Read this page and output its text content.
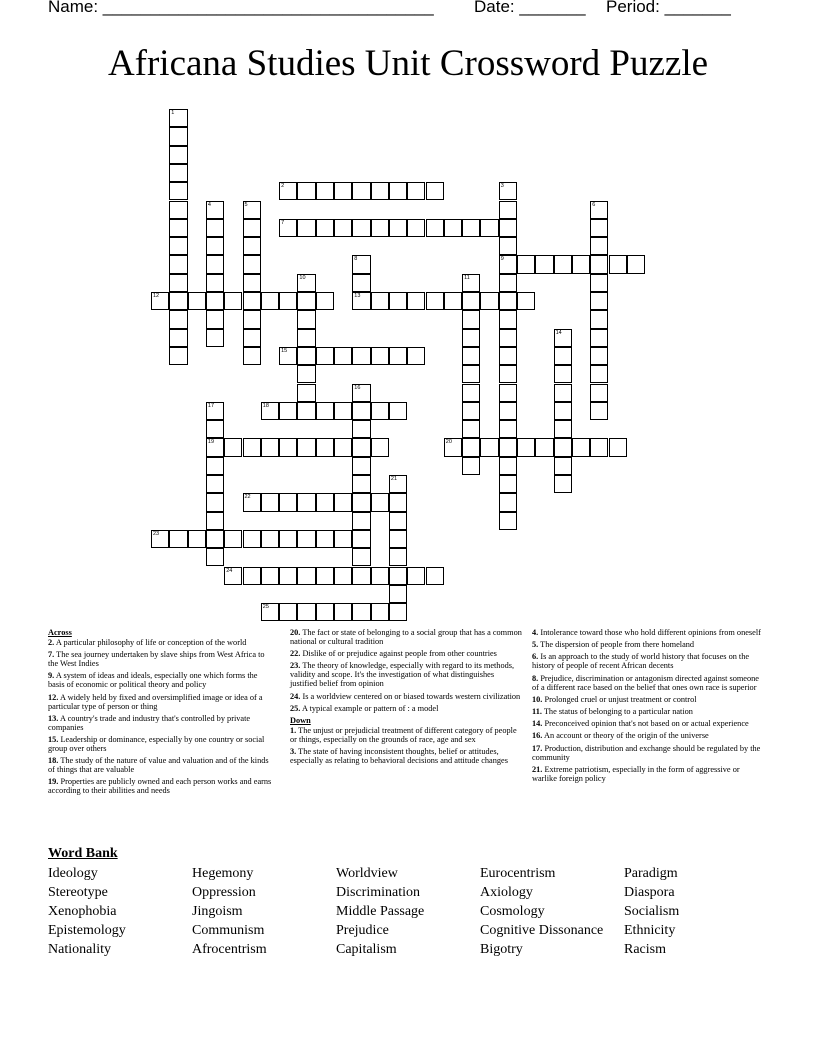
Name: ___________________________________ Date: _______ Period: _______
Africana Studies Unit Crossword Puzzle
1
2	3
9
4	5	6
7
8
13
10	11
12
14
15
16
17
19
18
20
21
22
23
24
25
Across
2. A particular philosophy of life or conception of the world
7. The sea journey undertaken by slave ships from West Africa to the West Indies
9. A system of ideas and ideals, especially one which forms the basis of economic or political theory and policy
12. A widely held by fixed and oversimplified image or idea of a particular type of person or thing
13. A country's trade and industry that's controlled by private companies
15. Leadership or dominance, especially by one country or social group over others
18. The study of the nature of value and valuation and of the kinds of things that are valuable
19. Properties are publicly owned and each person works and earns according to their abilities and needs
20. The fact or state of belonging to a social group that has a common national or cultural tradition
22. Dislike of or prejudice against people from other countries
23. The theory of knowledge, especially with regard to its methods, validity and scope. It's the investigation of what distinguishes justified belief from opinion
24. Is a worldview centered on or biased towards western civilization
25. A typical example or pattern of : a model
Down
1. The unjust or prejudicial treatment of different category of people or things, especially on the grounds of race, age and sex
3. The state of having inconsistent thoughts, belief or attitudes, especially as relating to behavioral decisions and attitude changes
4. Intolerance toward those who hold different opinions from oneself
5. The dispersion of people from there homeland
6. Is an approach to the study of world history that focuses on the history of people of recent African decents
8. Prejudice, discrimination or antagonism directed against someone of a different race based on the belief that ones own race is superior
10. Prolonged cruel or unjust treatment or control
11. The status of belonging to a particular nation
14. Preconceived opinion that's not based on or actual experience
16. An account or theory of the origin of the universe
17. Production, distribution and exchange should be regulated by the community
21. Extreme patriotism, especially in the form of aggressive or warlike foreign policy
Word Bank
Ideology
Stereotype
Xenophobia
Epistemology
Nationality
Hegemony
Oppression
Jingoism
Communism
Afrocentrism
Worldview
Discrimination
Middle Passage
Prejudice
Capitalism
Eurocentrism
Axiology
Cosmology
Cognitive Dissonance
Bigotry
Paradigm
Diaspora
Socialism
Ethnicity
Racism
